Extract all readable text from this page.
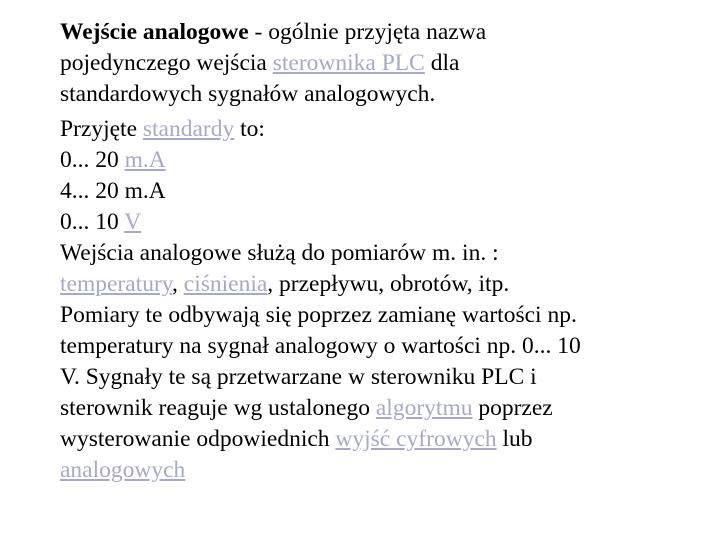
Wejście analogowe - ogólnie przyjęta nazwa
pojedynczego wejścia sterownika PLC dla
standardowych sygnałów analogowych.
Przyjęte standardy to:
0... 20 m.A
4... 20 m.A
0... 10 V
Wejścia analogowe służą do pomiarów m. in. :
temperatury, ciśnienia, przepływu, obrotów, itp.
Pomiary te odbywają się poprzez zamianę wartości np.
temperatury na sygnał analogowy o wartości np. 0... 10
V. Sygnały te są przetwarzane w sterowniku PLC i
sterownik reaguje wg ustalonego algorytmu poprzez
wysterowanie odpowiednich wyjść cyfrowych lub
analogowych
